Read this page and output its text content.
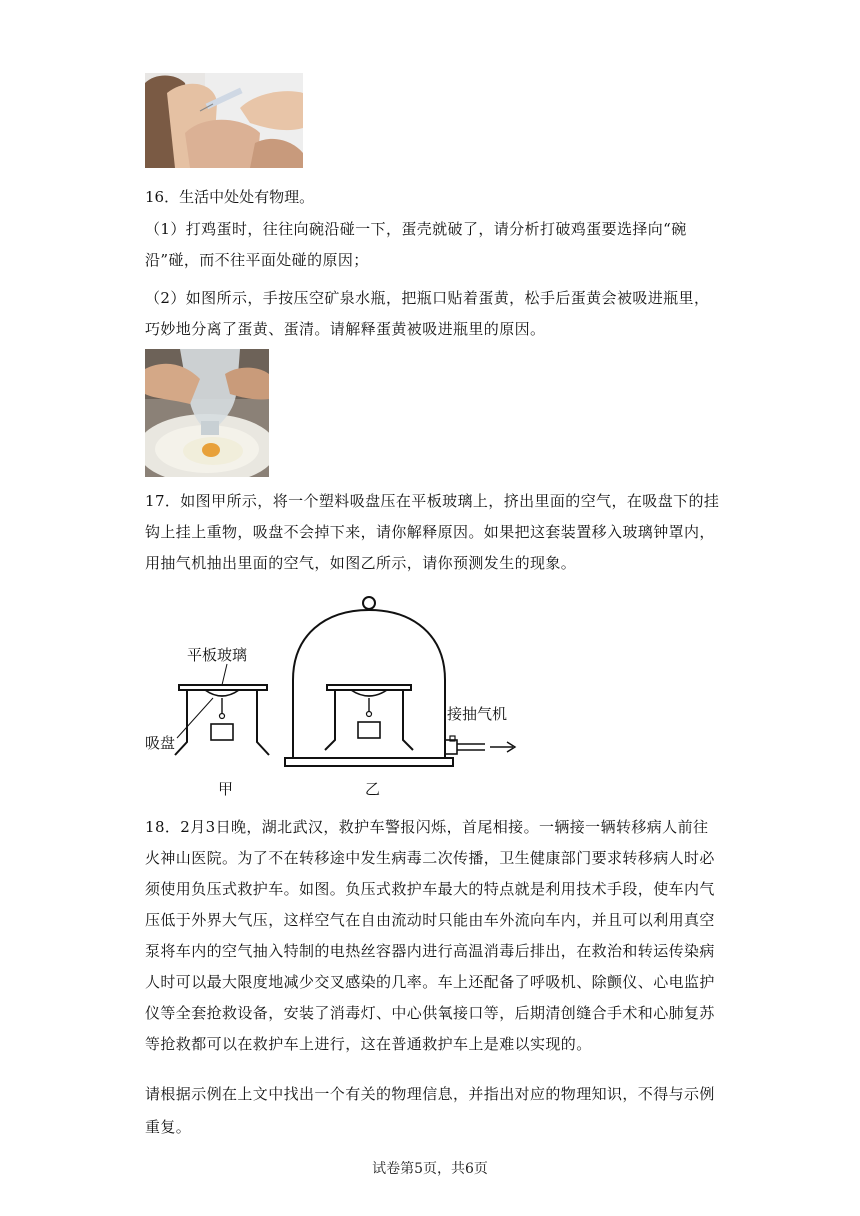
16．生活中处处有物理。
（1）打鸡蛋时，往往向碗沿碰一下，蛋壳就破了，请分析打破鸡蛋要选择向“碗沿”碰，而不往平面处碰的原因；
（2）如图所示，手按压空矿泉水瓶，把瓶口贴着蛋黄，松手后蛋黄会被吸进瓶里，巧妙地分离了蛋黄、蛋清。请解释蛋黄被吸进瓶里的原因。
17．如图甲所示，将一个塑料吸盘压在平板玻璃上，挤出里面的空气，在吸盘下的挂钩上挂上重物，吸盘不会掉下来，请你解释原因。如果把这套装置移入玻璃钟罩内，用抽气机抽出里面的空气，如图乙所示，请你预测发生的现象。
平板玻璃
吸盘
甲
接抽气机
乙
18．2月3日晚，湖北武汉，救护车警报闪烁，首尾相接。一辆接一辆转移病人前往火神山医院。为了不在转移途中发生病毒二次传播，卫生健康部门要求转移病人时必须使用负压式救护车。如图。负压式救护车最大的特点就是利用技术手段，使车内气压低于外界大气压，这样空气在自由流动时只能由车外流向车内，并且可以利用真空泵将车内的空气抽入特制的电热丝容器内进行高温消毒后排出，在救治和转运传染病人时可以最大限度地减少交叉感染的几率。车上还配备了呼吸机、除颤仪、心电监护仪等全套抢救设备，安装了消毒灯、中心供氧接口等，后期清创缝合手术和心肺复苏等抢救都可以在救护车上进行，这在普通救护车上是难以实现的。
请根据示例在上文中找出一个有关的物理信息，并指出对应的物理知识，不得与示例重复。
试卷第5页，共6页
